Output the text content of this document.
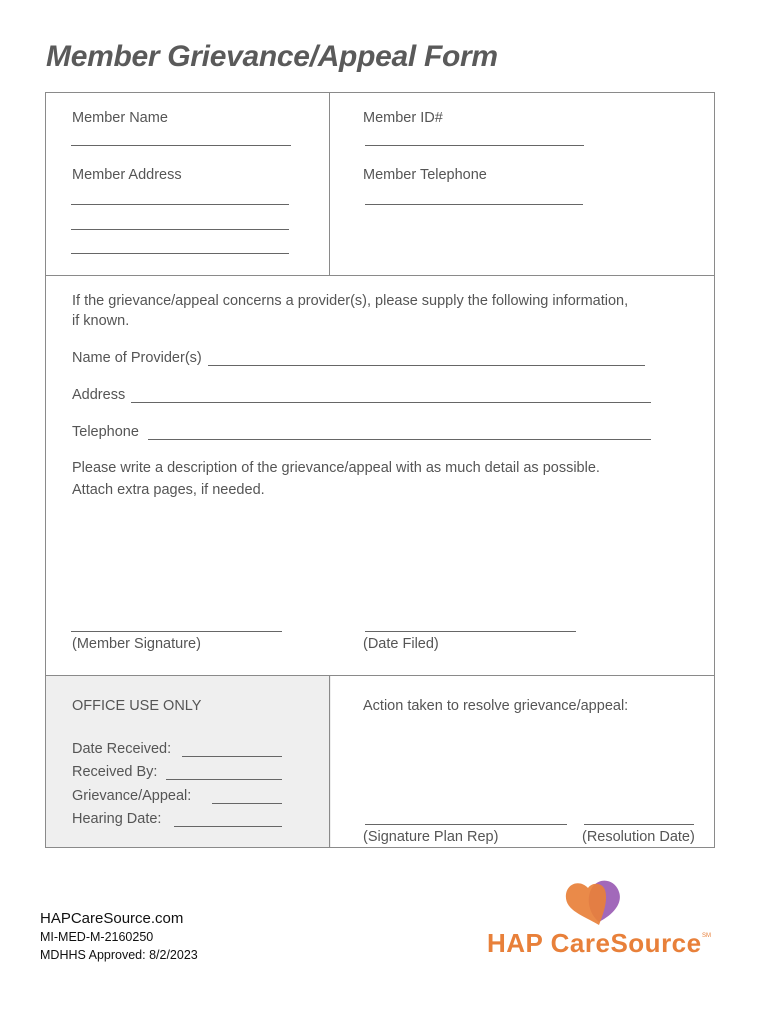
Member Grievance/Appeal Form
Member Name	Member ID#
Member Address	Member Telephone
If the grievance/appeal concerns a provider(s), please supply the following information,
if known.
Name of Provider(s)
Address
Telephone
Please write a description of the grievance/appeal with as much detail as possible.
Attach extra pages, if needed.
(Member Signature)	(Date Filed)
OFFICE USE ONLY
Date Received:
Received By:
Grievance/Appeal:
Hearing Date:
Action taken to resolve grievance/appeal:
(Signature Plan Rep)	(Resolution Date)
HAPCareSource.com
MI-MED-M-2160250
MDHHS Approved: 8/2/2023	HAP CareSource SM
